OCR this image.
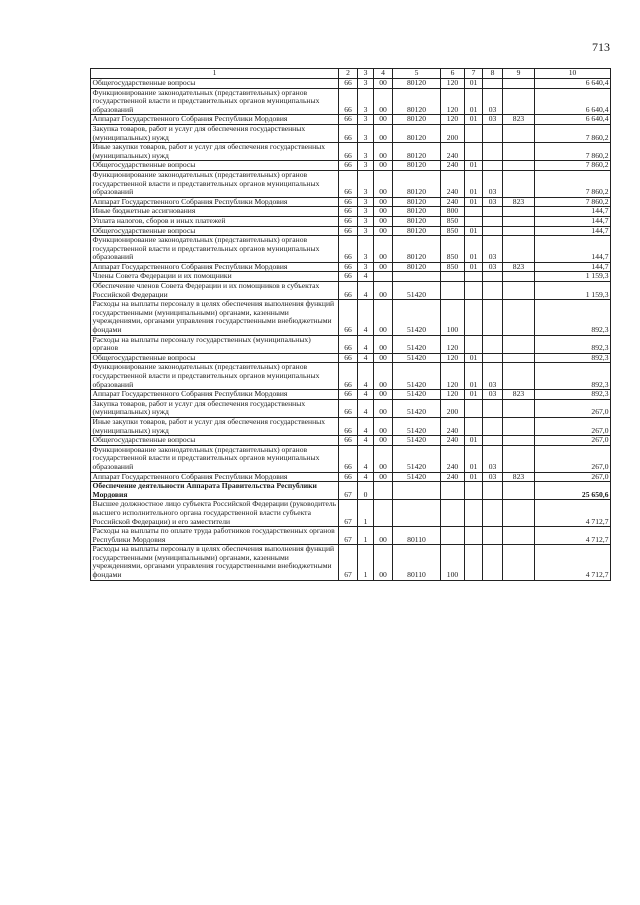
713
1	2	3	4	5	6	7	8	9	10
Общегосударственные вопросы	66	3	00	80120	120	01			6 640,4
Функционирование законодательных (представительных) органов государственной власти и представительных органов муниципальных образований	66	3	00	80120	120	01	03		6 640,4
Аппарат Государственного Собрания Республики Мордовия	66	3	00	80120	120	01	03	823	6 640,4
Закупка товаров, работ и услуг для обеспечения государственных (муниципальных) нужд	66	3	00	80120	200				7 860,2
Иные закупки товаров, работ и услуг для обеспечения государственных (муниципальных) нужд	66	3	00	80120	240				7 860,2
Общегосударственные вопросы	66	3	00	80120	240	01			7 860,2
Функционирование законодательных (представительных) органов государственной власти и представительных органов муниципальных образований	66	3	00	80120	240	01	03		7 860,2
Аппарат Государственного Собрания Республики Мордовия	66	3	00	80120	240	01	03	823	7 860,2
Иные бюджетные ассигнования	66	3	00	80120	800				144,7
Уплата налогов, сборов и иных платежей	66	3	00	80120	850				144,7
Общегосударственные вопросы	66	3	00	80120	850	01			144,7
Функционирование законодательных (представительных) органов государственной власти и представительных органов муниципальных образований	66	3	00	80120	850	01	03		144,7
Аппарат Государственного Собрания Республики Мордовия	66	3	00	80120	850	01	03	823	144,7
Члены Совета Федерации и их помощники	66	4							1 159,3
Обеспечение членов Совета Федерации и их помощников в субъектах Российской Федерации	66	4	00	51420					1 159,3
Расходы на выплаты персоналу в целях обеспечения выполнения функций государственными (муниципальными) органами, казенными учреждениями, органами управления государственными внебюджетными фондами	66	4	00	51420	100				892,3
Расходы на выплаты персоналу государственных (муниципальных) органов	66	4	00	51420	120				892,3
Общегосударственные вопросы	66	4	00	51420	120	01			892,3
Функционирование законодательных (представительных) органов государственной власти и представительных органов муниципальных образований	66	4	00	51420	120	01	03		892,3
Аппарат Государственного Собрания Республики Мордовия	66	4	00	51420	120	01	03	823	892,3
Закупка товаров, работ и услуг для обеспечения государственных (муниципальных) нужд	66	4	00	51420	200				267,0
Иные закупки товаров, работ и услуг для обеспечения государственных (муниципальных) нужд	66	4	00	51420	240				267,0
Общегосударственные вопросы	66	4	00	51420	240	01			267,0
Функционирование законодательных (представительных) органов государственной власти и представительных органов муниципальных образований	66	4	00	51420	240	01	03		267,0
Аппарат Государственного Собрания Республики Мордовия	66	4	00	51420	240	01	03	823	267,0
Обеспечение деятельности Аппарата Правительства Республики Мордовия	67	0							25 650,6
Высшее должностное лицо субъекта Российской Федерации (руководитель высшего исполнительного органа государственной власти субъекта Российской Федерации) и его заместители	67	1							4 712,7
Расходы на выплаты по оплате труда работников государственных органов Республики Мордовия	67	1	00	80110					4 712,7
Расходы на выплаты персоналу в целях обеспечения выполнения функций государственными (муниципальными) органами, казенными учреждениями, органами управления государственными внебюджетными фондами	67	1	00	80110	100				4 712,7
